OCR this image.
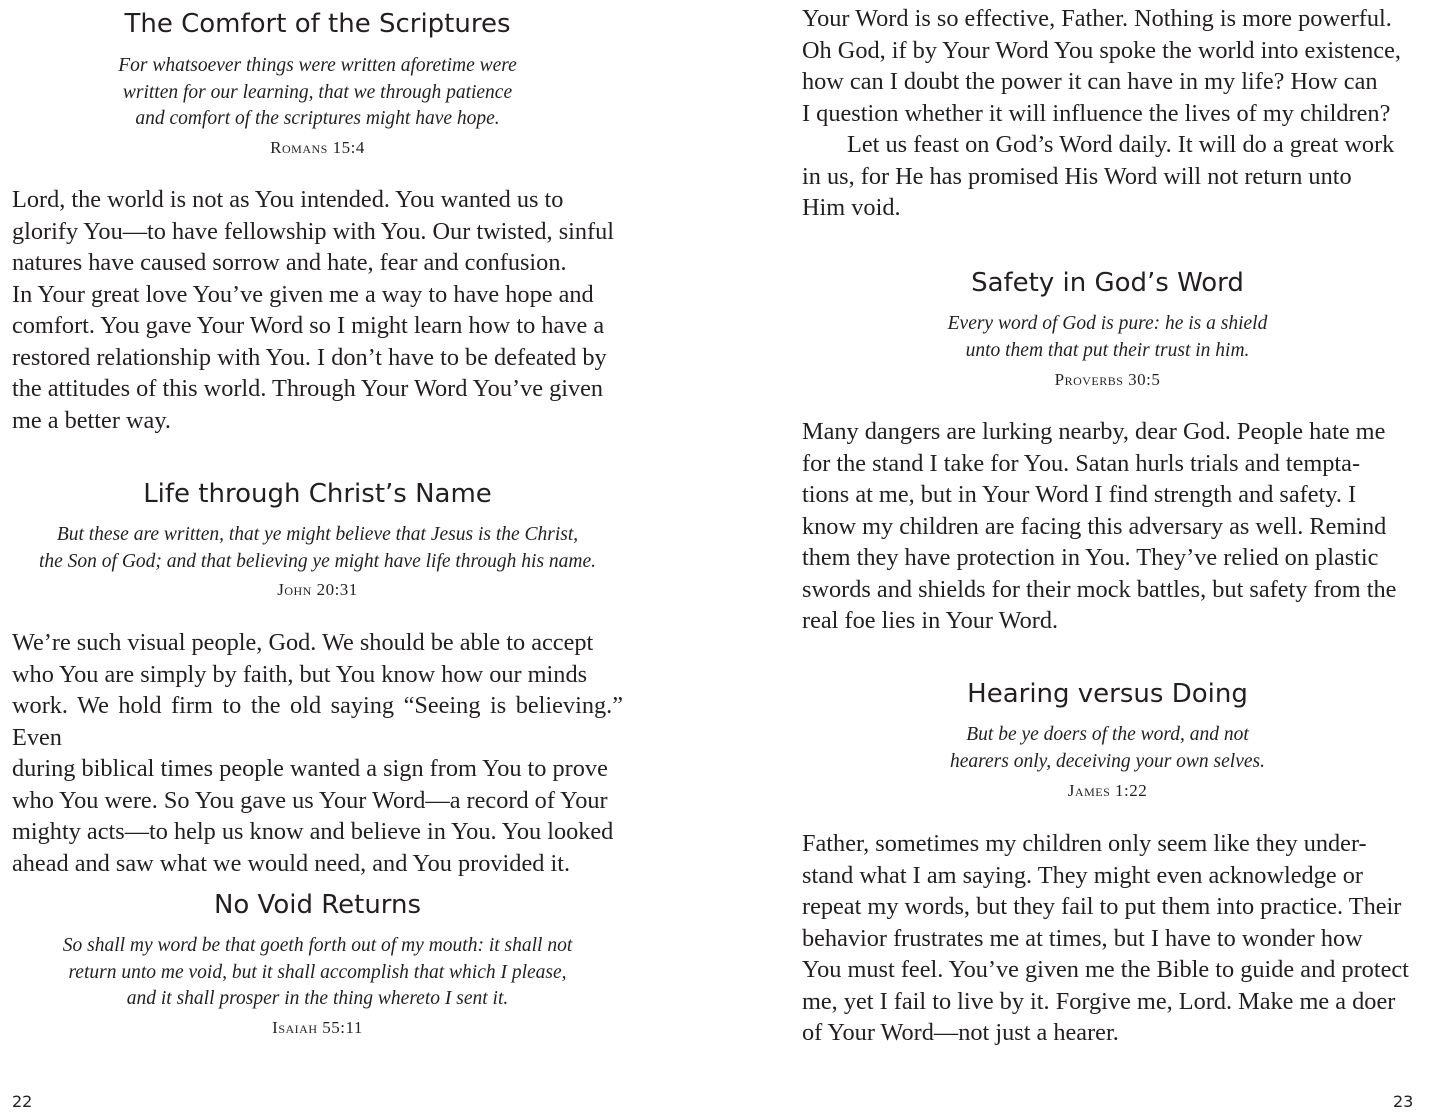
The Comfort of the Scriptures
For whatsoever things were written aforetime were
written for our learning, that we through patience
and comfort of the scriptures might have hope.
Romans 15:4
Lord, the world is not as You intended. You wanted us to
glorify You—to have fellowship with You. Our twisted, sinful
natures have caused sorrow and hate, fear and confusion.
In Your great love You’ve given me a way to have hope and
comfort. You gave Your Word so I might learn how to have a
restored relationship with You. I don’t have to be defeated by
the attitudes of this world. Through Your Word You’ve given
me a better way.
Life through Christ’s Name
But these are written, that ye might believe that Jesus is the Christ,
the Son of God; and that believing ye might have life through his name.
John 20:31
We’re such visual people, God. We should be able to accept
who You are simply by faith, but You know how our minds
work. We hold firm to the old saying “Seeing is believing.” Even
during biblical times people wanted a sign from You to prove
who You were. So You gave us Your Word—a record of Your
mighty acts—to help us know and believe in You. You looked
ahead and saw what we would need, and You provided it.
No Void Returns
So shall my word be that goeth forth out of my mouth: it shall not
return unto me void, but it shall accomplish that which I please,
and it shall prosper in the thing whereto I sent it.
Isaiah 55:11
22
Your Word is so effective, Father. Nothing is more powerful.
Oh God, if by Your Word You spoke the world into existence,
how can I doubt the power it can have in my life? How can
I question whether it will influence the lives of my children?
Let us feast on God’s Word daily. It will do a great work
in us, for He has promised His Word will not return unto
Him void.
Safety in God’s Word
Every word of God is pure: he is a shield
unto them that put their trust in him.
Proverbs 30:5
Many dangers are lurking nearby, dear God. People hate me
for the stand I take for You. Satan hurls trials and tempta-
tions at me, but in Your Word I find strength and safety. I
know my children are facing this adversary as well. Remind
them they have protection in You. They’ve relied on plastic
swords and shields for their mock battles, but safety from the
real foe lies in Your Word.
Hearing versus Doing
But be ye doers of the word, and not
hearers only, deceiving your own selves.
James 1:22
Father, sometimes my children only seem like they under-
stand what I am saying. They might even acknowledge or
repeat my words, but they fail to put them into practice. Their
behavior frustrates me at times, but I have to wonder how
You must feel. You’ve given me the Bible to guide and protect
me, yet I fail to live by it. Forgive me, Lord. Make me a doer
of Your Word—not just a hearer.
23
